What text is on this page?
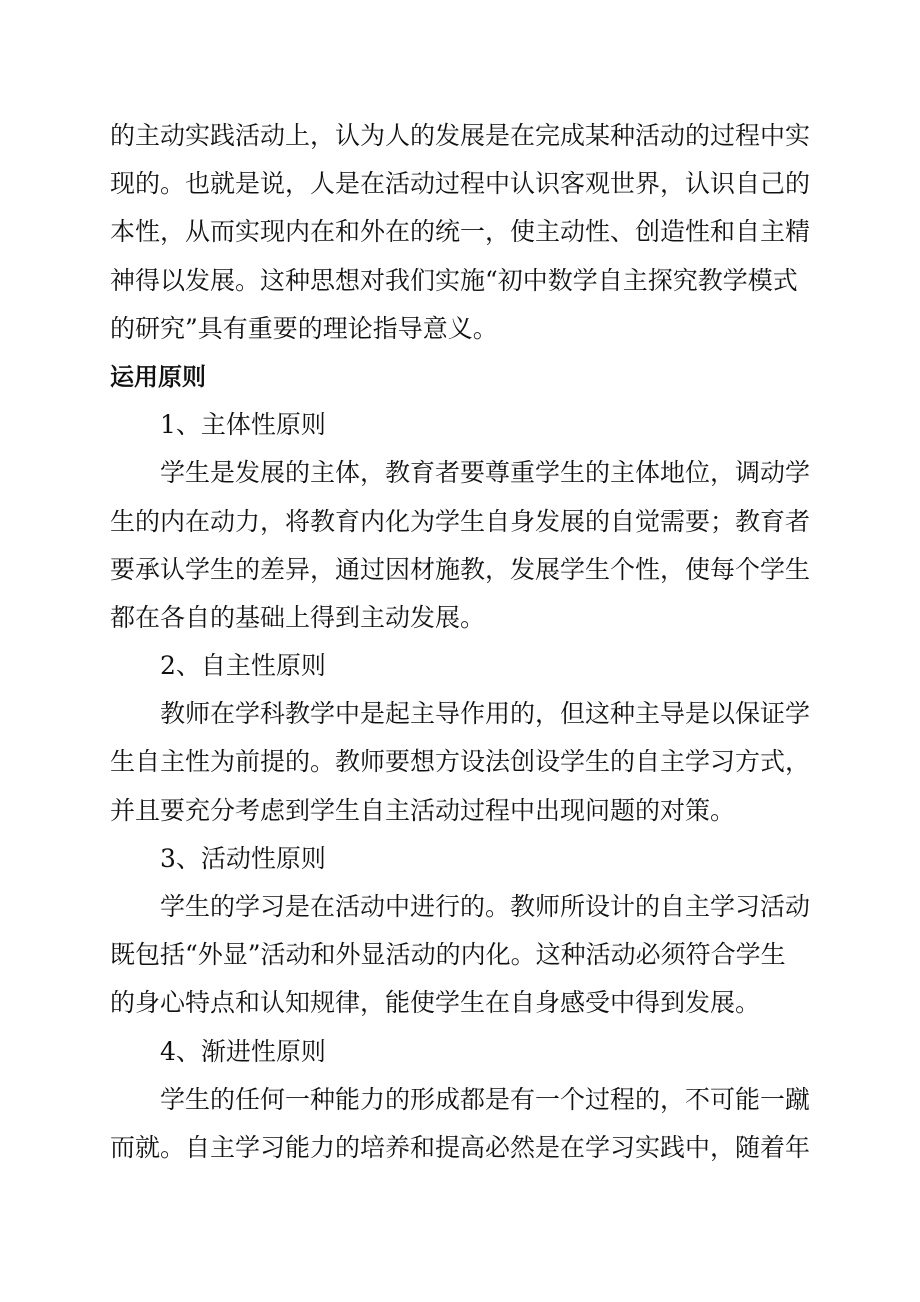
的主动实践活动上，认为人的发展是在完成某种活动的过程中实
现的。也就是说，人是在活动过程中认识客观世界，认识自己的
本性，从而实现内在和外在的统一，使主动性、创造性和自主精
神得以发展。这种思想对我们实施“初中数学自主探究教学模式
的研究”具有重要的理论指导意义。
运用原则
1、主体性原则
学生是发展的主体，教育者要尊重学生的主体地位，调动学
生的内在动力，将教育内化为学生自身发展的自觉需要；教育者
要承认学生的差异，通过因材施教，发展学生个性，使每个学生
都在各自的基础上得到主动发展。
2、自主性原则
教师在学科教学中是起主导作用的，但这种主导是以保证学
生自主性为前提的。教师要想方设法创设学生的自主学习方式，
并且要充分考虑到学生自主活动过程中出现问题的对策。
3、活动性原则
学生的学习是在活动中进行的。教师所设计的自主学习活动
既包括“外显”活动和外显活动的内化。这种活动必须符合学生
的身心特点和认知规律，能使学生在自身感受中得到发展。
4、渐进性原则
学生的任何一种能力的形成都是有一个过程的，不可能一蹴
而就。自主学习能力的培养和提高必然是在学习实践中，随着年
